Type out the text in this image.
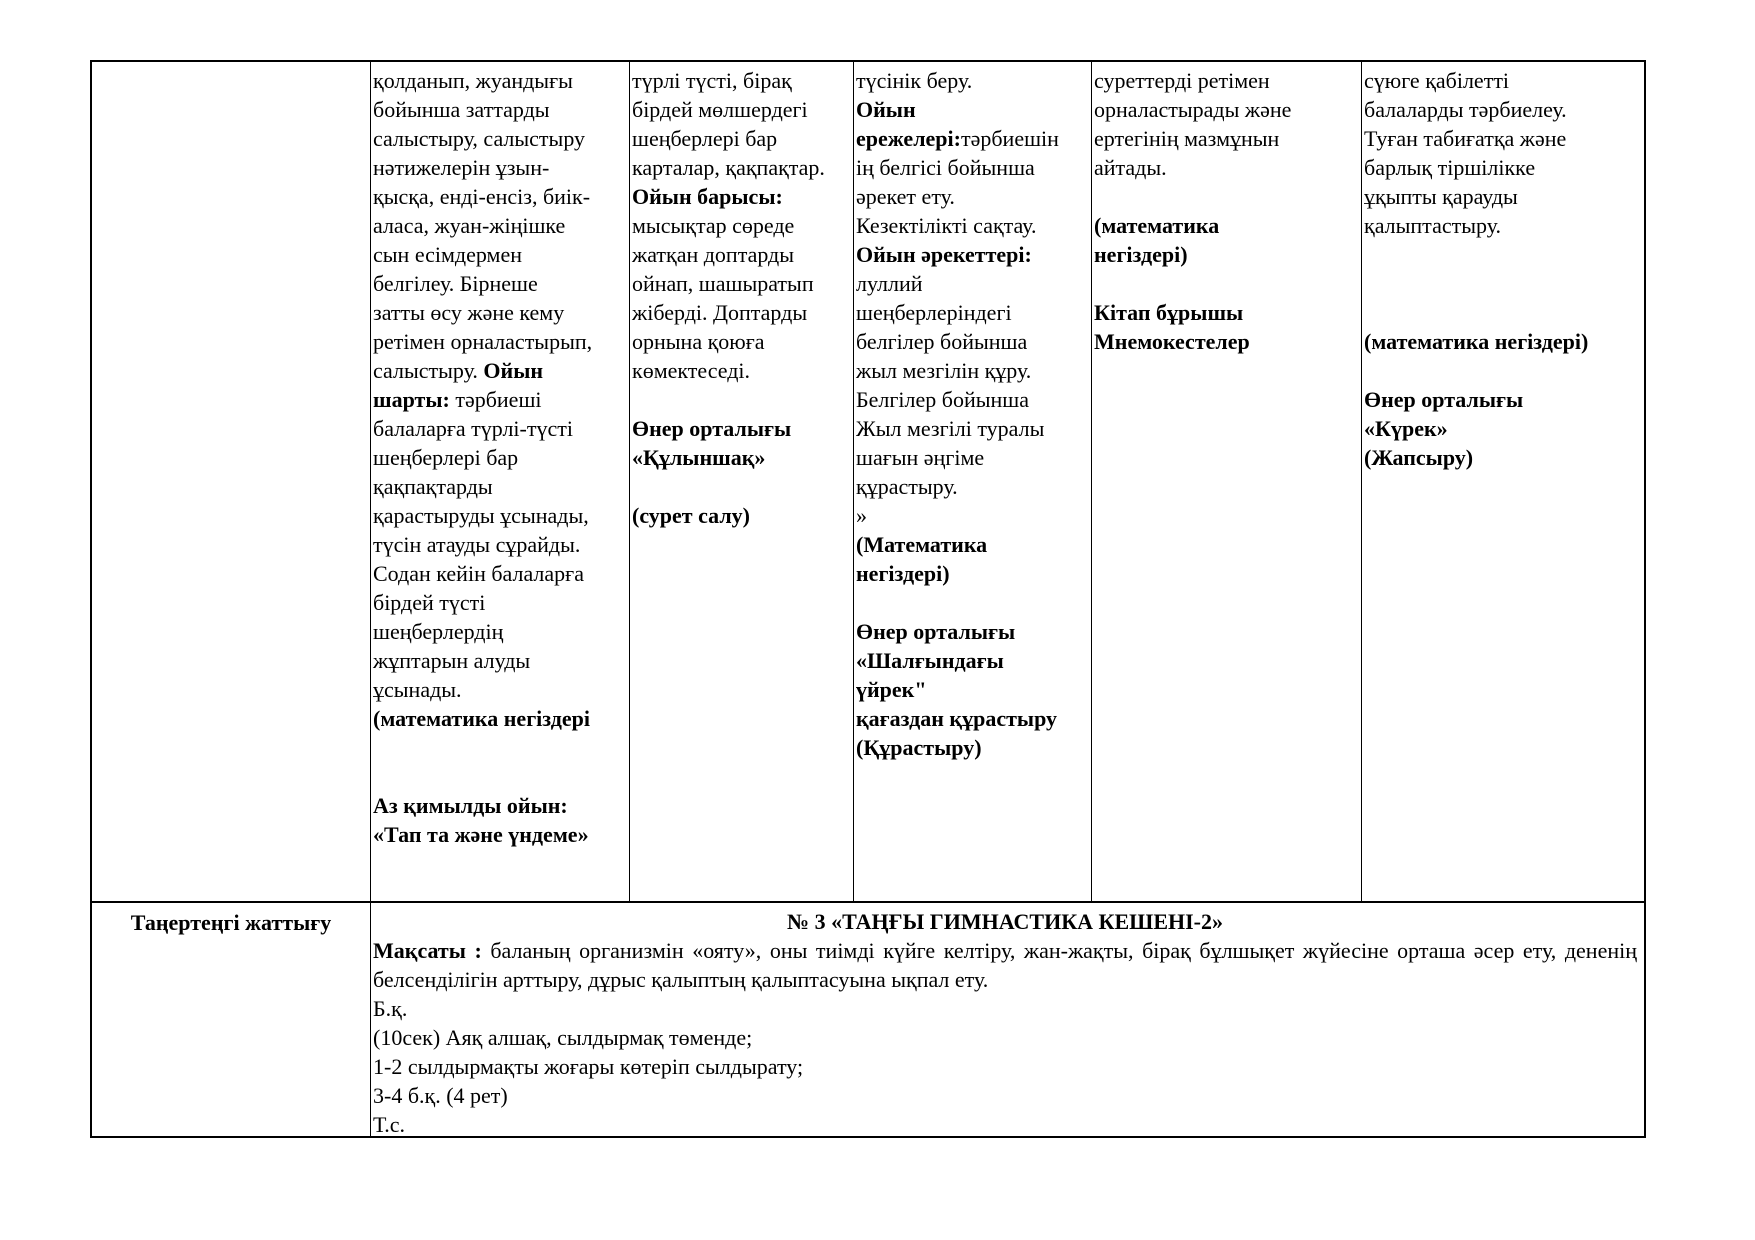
қолданып, жуандығы

бойынша заттарды

салыстыру, салыстыру

нәтижелерін ұзын-

қысқа, енді-енсіз, биік-

аласа, жуан-жіңішке

сын есімдермен

белгілеу. Бірнеше

затты өсу және кему

ретімен орналастырып,

салыстыру. Ойын

шарты: тәрбиеші

балаларға түрлі-түсті

шеңберлері бар

қақпақтарды

қарастыруды ұсынады,

түсін атауды сұрайды.

Содан кейін балаларға

бірдей түсті

шеңберлердің

жұптарын алуды

ұсынады.

(математика негіздері

Аз қимылды ойын:

«Тап та және үндеме»

түрлі түсті, бірақ

бірдей мөлшердегі

шеңберлері бар

карталар, қақпақтар.

Ойын барысы:

мысықтар сөреде

жатқан доптарды

ойнап, шашыратып

жіберді. Доптарды

орнына қоюға

көмектеседі.

Өнер орталығы

«Құлыншақ»

(сурет салу)

түсінік беру.

Ойын

ережелері:тәрбиешін

ің белгісі бойынша

әрекет ету.

Кезектілікті сақтау.

Ойын әрекеттері:

луллий

шеңберлеріндегі

белгілер бойынша

жыл мезгілін құру.

Белгілер бойынша

Жыл мезгілі туралы

шағын әңгіме

құрастыру.

»

(Математика

негіздері)

Өнер орталығы

«Шалғындағы

үйрек"

қағаздан құрастыру

(Құрастыру)

суреттерді ретімен

орналастырады және

ертегінің мазмұнын

айтады.

(математика

негіздері)

Кітап бұрышы

Мнемокестелер

сүюге қабілетті

балаларды тәрбиелеу.

Туған табиғатқа және

барлық тіршілікке

ұқыпты қарауды

қалыптастыру.

(математика негіздері)

Өнер орталығы

«Күрек»

(Жапсыру)

Таңертеңгі жаттығу	№ 3 «ТАҢҒЫ ГИМНАСТИКА КЕШЕНІ-2»

Мақсаты : баланың организмін «ояту», оны тиімді күйге келтіру, жан-жақты, бірақ бұлшықет жүйесіне орташа әсер ету, дененің белсенділігін арттыру, дұрыс қалыптың қалыптасуына ықпал ету.

Б.қ.

(10сек) Аяқ алшақ, сылдырмақ төменде;

1-2 сылдырмақты жоғары көтеріп сылдырату;

3-4 б.қ. (4 рет)

Т.с.
